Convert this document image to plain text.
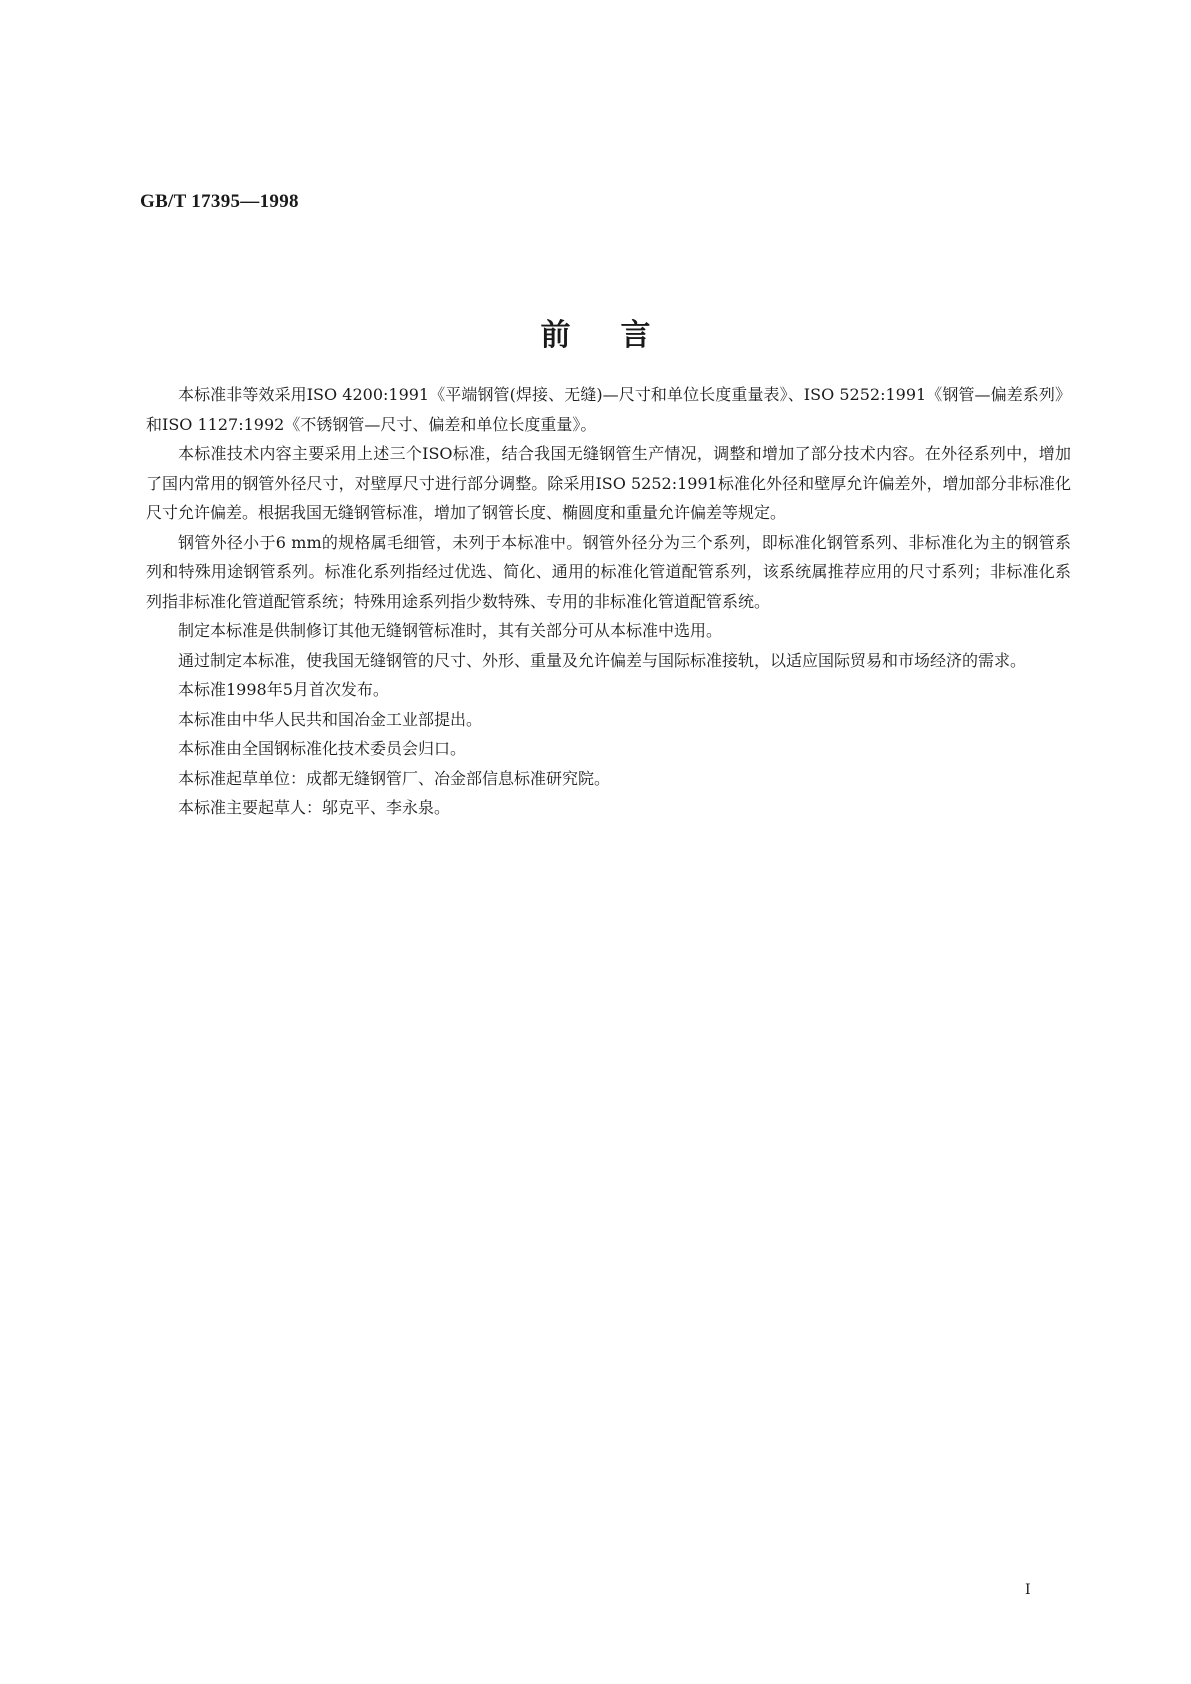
GB/T 17395—1998
前言

本标准非等效采用ISO 4200:1991《平端钢管(焊接、无缝)—尺寸和单位长度重量表》、ISO 5252:1991《钢管—偏差系列》和ISO 1127:1992《不锈钢管—尺寸、偏差和单位长度重量》。

本标准技术内容主要采用上述三个ISO标准，结合我国无缝钢管生产情况，调整和增加了部分技术内容。在外径系列中，增加了国内常用的钢管外径尺寸，对壁厚尺寸进行部分调整。除采用ISO 5252:1991标准化外径和壁厚允许偏差外，增加部分非标准化尺寸允许偏差。根据我国无缝钢管标准，增加了钢管长度、椭圆度和重量允许偏差等规定。

钢管外径小于6 mm的规格属毛细管，未列于本标准中。钢管外径分为三个系列，即标准化钢管系列、非标准化为主的钢管系列和特殊用途钢管系列。标准化系列指经过优选、简化、通用的标准化管道配管系列，该系统属推荐应用的尺寸系列；非标准化系列指非标准化管道配管系统；特殊用途系列指少数特殊、专用的非标准化管道配管系统。

制定本标准是供制修订其他无缝钢管标准时，其有关部分可从本标准中选用。

通过制定本标准，使我国无缝钢管的尺寸、外形、重量及允许偏差与国际标准接轨，以适应国际贸易和市场经济的需求。

本标准1998年5月首次发布。

本标准由中华人民共和国冶金工业部提出。

本标准由全国钢标准化技术委员会归口。

本标准起草单位：成都无缝钢管厂、冶金部信息标准研究院。

本标准主要起草人：邬克平、李永泉。

I
